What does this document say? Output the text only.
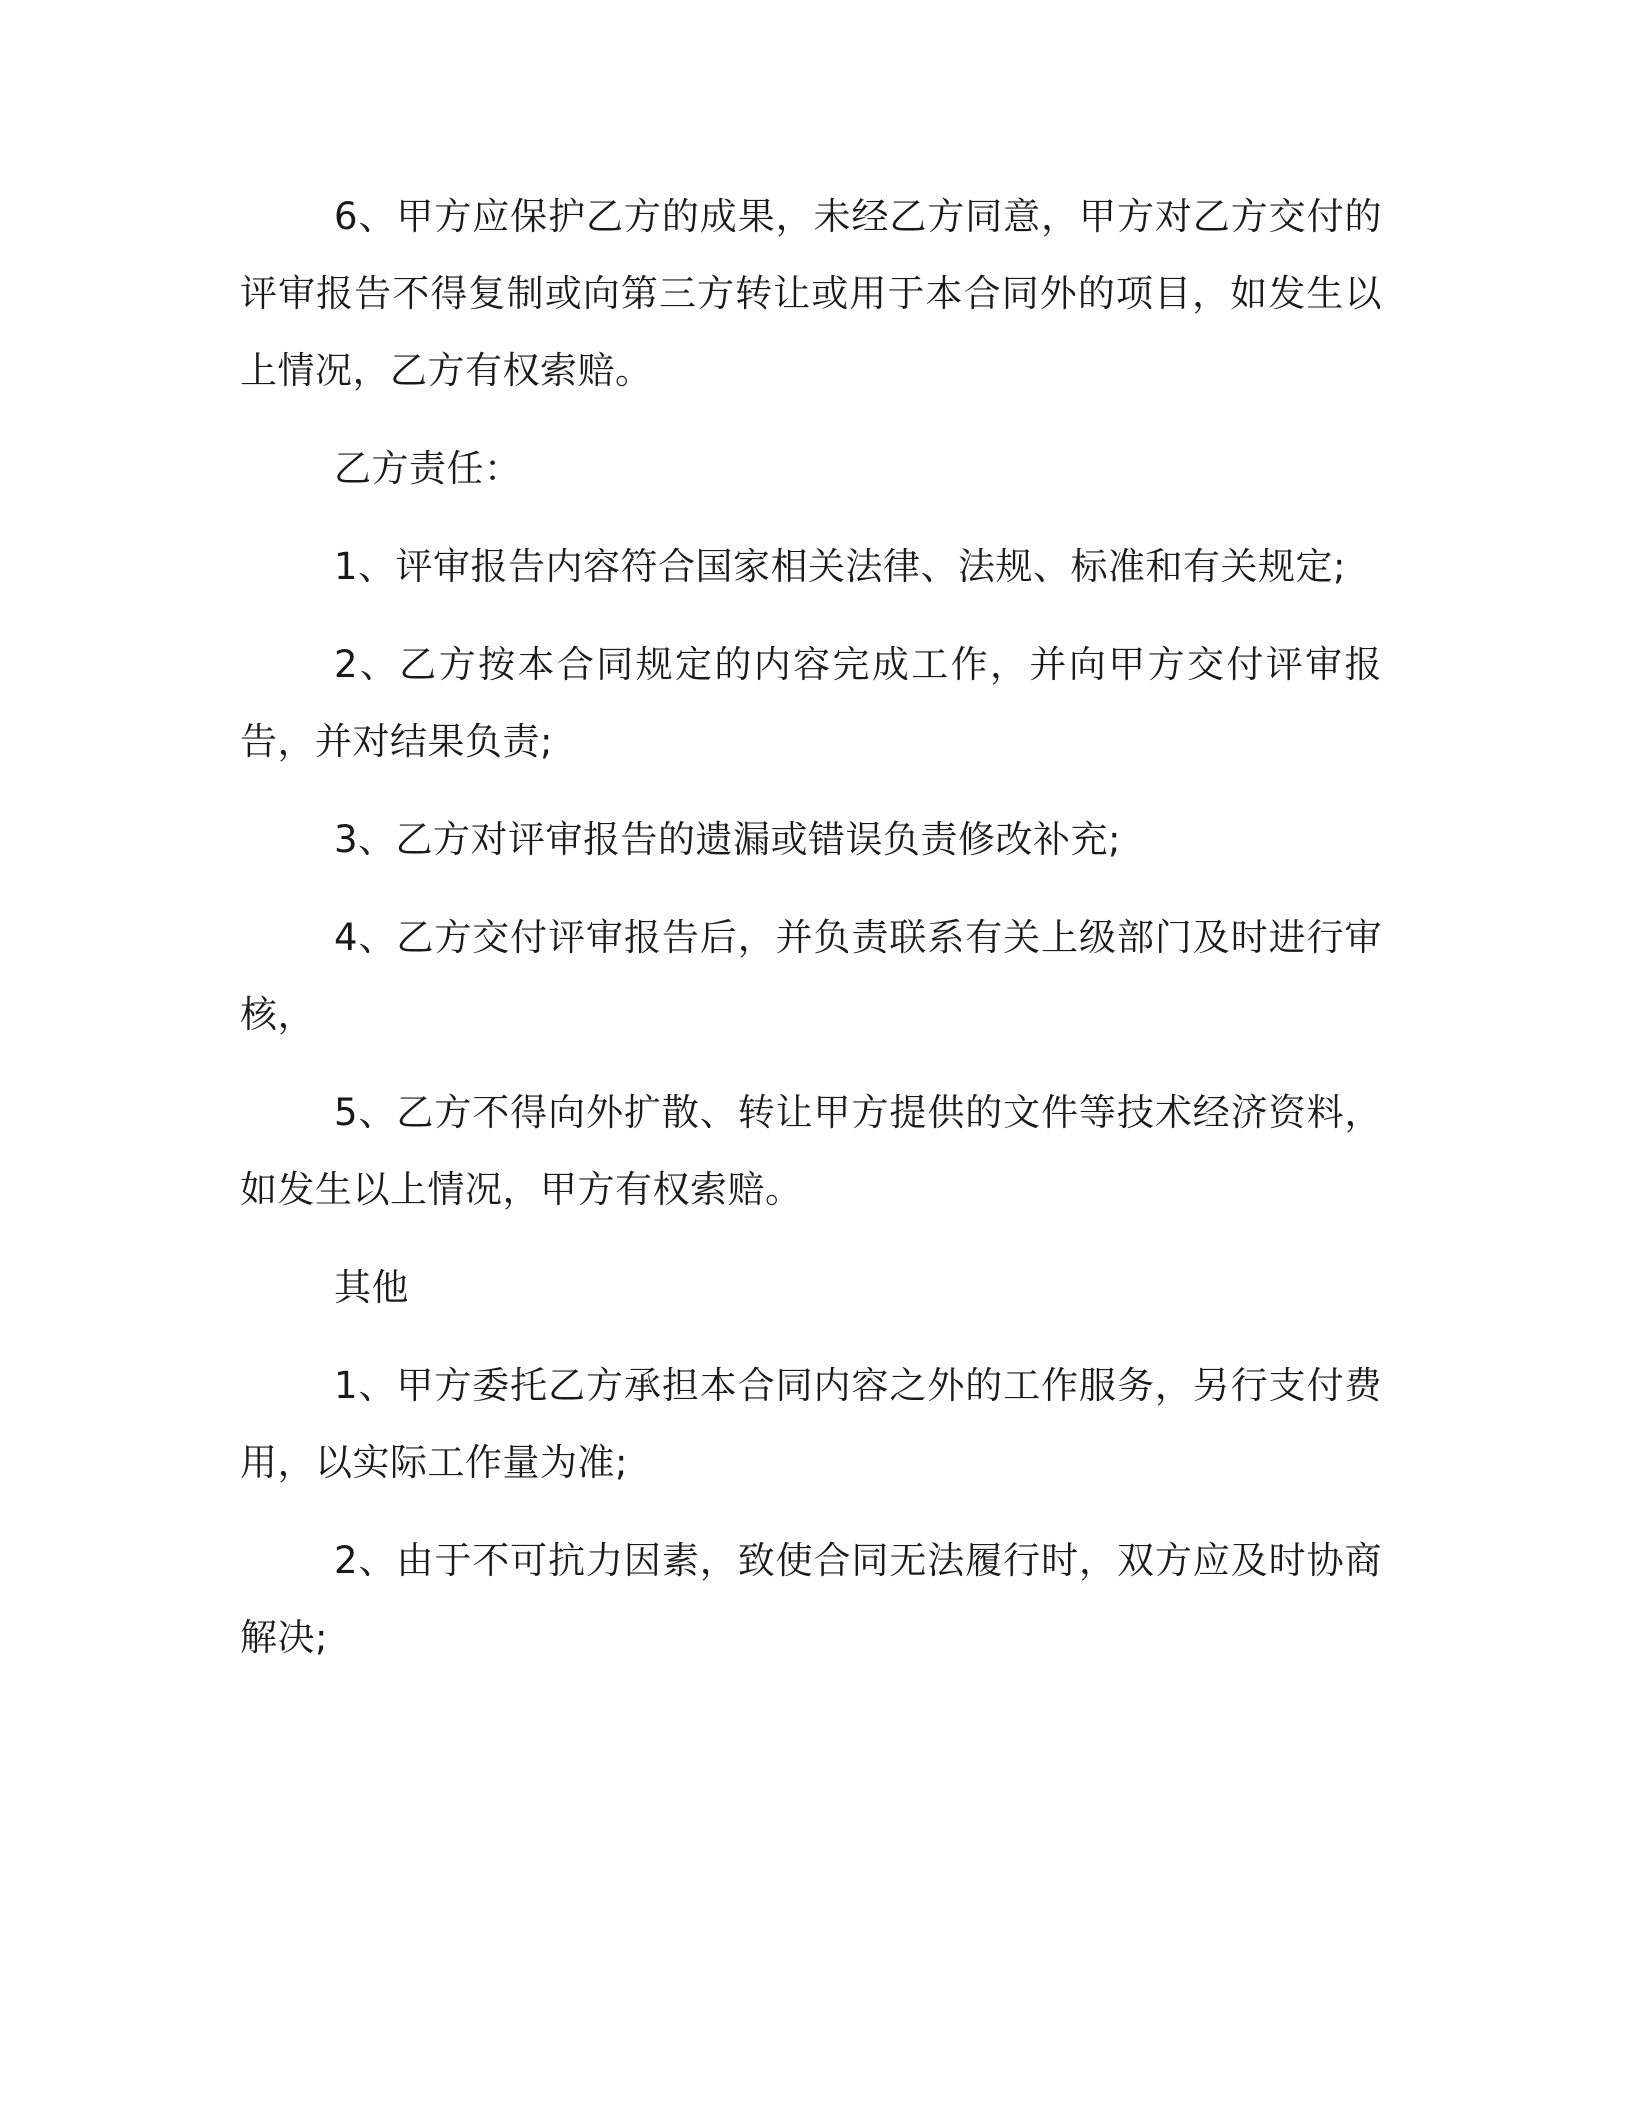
6、甲方应保护乙方的成果，未经乙方同意，甲方对乙方交付的评审报告不得复制或向第三方转让或用于本合同外的项目，如发生以上情况，乙方有权索赔。

乙方责任：

1、评审报告内容符合国家相关法律、法规、标准和有关规定;

2、乙方按本合同规定的内容完成工作，并向甲方交付评审报告，并对结果负责;

3、乙方对评审报告的遗漏或错误负责修改补充;

4、乙方交付评审报告后，并负责联系有关上级部门及时进行审核，

5、乙方不得向外扩散、转让甲方提供的文件等技术经济资料，如发生以上情况，甲方有权索赔。

其他

1、甲方委托乙方承担本合同内容之外的工作服务，另行支付费用，以实际工作量为准;

2、由于不可抗力因素，致使合同无法履行时，双方应及时协商解决;
